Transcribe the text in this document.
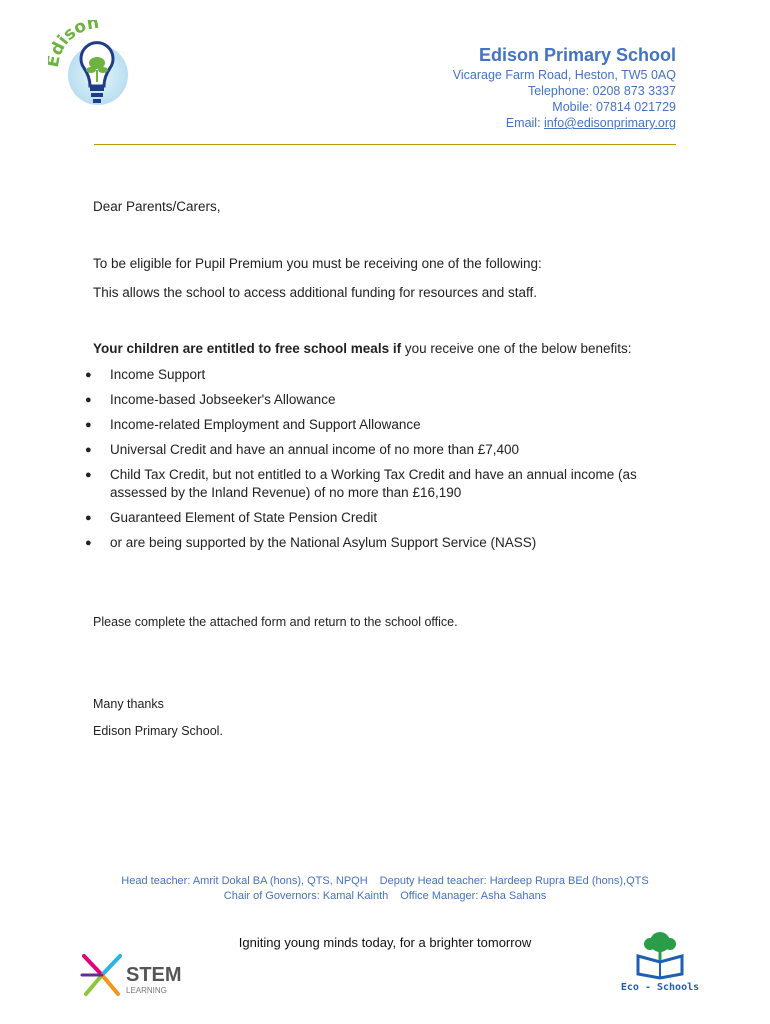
dison
Edison Primary School
Vicarage Farm Road, Heston, TW5 0AQ
Telephone: 0208 873 3337
Mobile: 07814 021729
Email: info@edisonprimary.org
Dear Parents/Carers,
To be eligible for Pupil Premium you must be receiving one of the following:
This allows the school to access additional funding for resources and staff.
Your children are entitled to free school meals if you receive one of the below benefits:
● Income Support
● Income-based Jobseeker's Allowance
● Income-related Employment and Support Allowance
● Universal Credit and have an annual income of no more than £7,400
● Child Tax Credit, but not entitled to a Working Tax Credit and have an annual income (as
assessed by the Inland Revenue) of no more than £16,190
● Guaranteed Element of State Pension Credit
● or are being supported by the National Asylum Support Service (NASS)
Please complete the attached form and return to the school office.
Many thanks
Edison Primary School.
Head teacher: Amrit Dokal BA (hons), QTS, NPQH Deputy Head teacher: Hardeep Rupra BEd (hons),QTS
Chair of Governors: Kamal Kainth Office Manager: Asha Sahans
Igniting young minds today, for a brighter tomorrow
STEM
LEARNING	Eco - Schools
